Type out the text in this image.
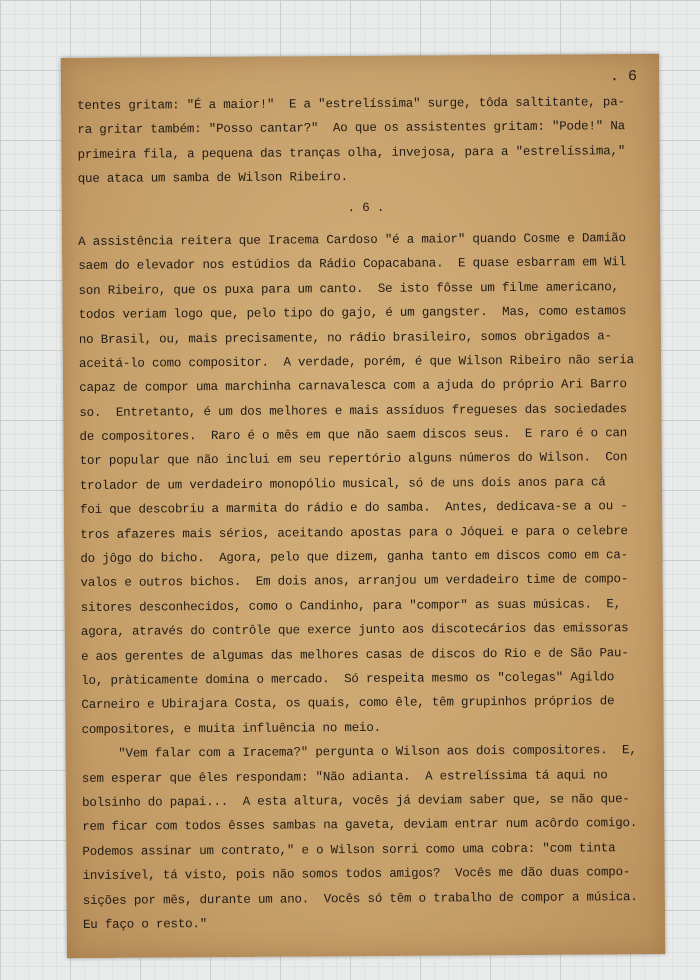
. 6
tentes gritam: "É a maior!"  E a "estrelíssima" surge, tôda saltitante, pa-
ra gritar também: "Posso cantar?"  Ao que os assistentes gritam: "Pode!" Na
primeira fila, a pequena das tranças olha, invejosa, para a "estrelíssima,"
que ataca um samba de Wilson Ribeiro.
. 6 .
A assistência reitera que Iracema Cardoso "é a maior" quando Cosme e Damião
saem do elevador nos estúdios da Rádio Copacabana.  E quase esbarram em Wil
son Ribeiro, que os puxa para um canto.  Se isto fôsse um filme americano,
todos veriam logo que, pelo tipo do gajo, é um gangster.  Mas, como estamos
no Brasil, ou, mais precisamente, no rádio brasileiro, somos obrigados a-
aceitá-lo como compositor.  A verdade, porém, é que Wilson Ribeiro não seria
capaz de compor uma marchinha carnavalesca com a ajuda do próprio Ari Barro
so.  Entretanto, é um dos melhores e mais assíduos fregueses das sociedades
de compositores.  Raro é o mês em que não saem discos seus.  E raro é o can
tor popular que não inclui em seu repertório alguns números do Wilson.  Con
trolador de um verdadeiro monopólio musical, só de uns dois anos para cá
foi que descobriu a marmita do rádio e do samba.  Antes, dedicava-se a ou -
tros afazeres mais sérios, aceitando apostas para o Jóquei e para o celebre
do jôgo do bicho.  Agora, pelo que dizem, ganha tanto em discos como em ca-
valos e outros bichos.  Em dois anos, arranjou um verdadeiro time de compo-
sitores desconhecidos, como o Candinho, para "compor" as suas músicas.  E,
agora, através do contrôle que exerce junto aos discotecários das emissoras
e aos gerentes de algumas das melhores casas de discos do Rio e de São Pau-
lo, pràticamente domina o mercado.  Só respeita mesmo os "colegas" Agildo
Carneiro e Ubirajara Costa, os quais, como êle, têm grupinhos próprios de
compositores, e muita influência no meio.
"Vem falar com a Iracema?" pergunta o Wilson aos dois compositores.  E,
sem esperar que êles respondam: "Não adianta.  A estrelíssima tá aqui no
bolsinho do papai...  A esta altura, vocês já deviam saber que, se não que-
rem ficar com todos êsses sambas na gaveta, deviam entrar num acôrdo comigo.
Podemos assinar um contrato," e o Wilson sorri como uma cobra: "com tinta
invisível, tá visto, pois não somos todos amigos?  Vocês me dão duas compo-
sições por mês, durante um ano.  Vocês só têm o trabalho de compor a música.
Eu faço o resto."
